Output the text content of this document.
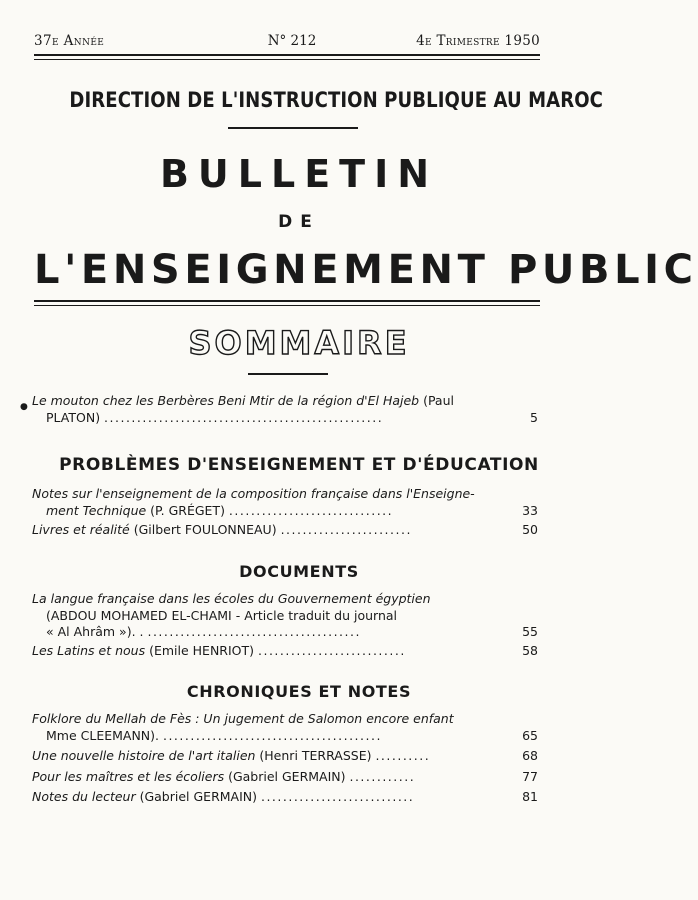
37e Année	N° 212	4e Trimestre 1950
DIRECTION DE L'INSTRUCTION PUBLIQUE AU MAROC
BULLETIN
DE
L'ENSEIGNEMENT PUBLIC
SOMMAIRE
● Le mouton chez les Berbères Beni Mtir de la région d'El Hajeb (Paul
PLATON) ...................................................	5
PROBLÈMES D'ENSEIGNEMENT ET D'ÉDUCATION
Notes sur l'enseignement de la composition française dans l'Enseigne-
ment Technique (P. GRÉGET) ..............................	33
Livres et réalité (Gilbert FOULONNEAU) ........................	50
DOCUMENTS
La langue française dans les écoles du Gouvernement égyptien
(ABDOU MOHAMED EL-CHAMI - Article traduit du journal
« Al Ahrâm »). . .......................................	55
Les Latins et nous (Emile HENRIOT) ...........................	58
CHRONIQUES ET NOTES
Folklore du Mellah de Fès : Un jugement de Salomon encore enfant
Mme CLEEMANN). ........................................	65
Une nouvelle histoire de l'art italien (Henri TERRASSE) ..........	68
Pour les maîtres et les écoliers (Gabriel GERMAIN) ............	77
Notes du lecteur (Gabriel GERMAIN) ............................	81
